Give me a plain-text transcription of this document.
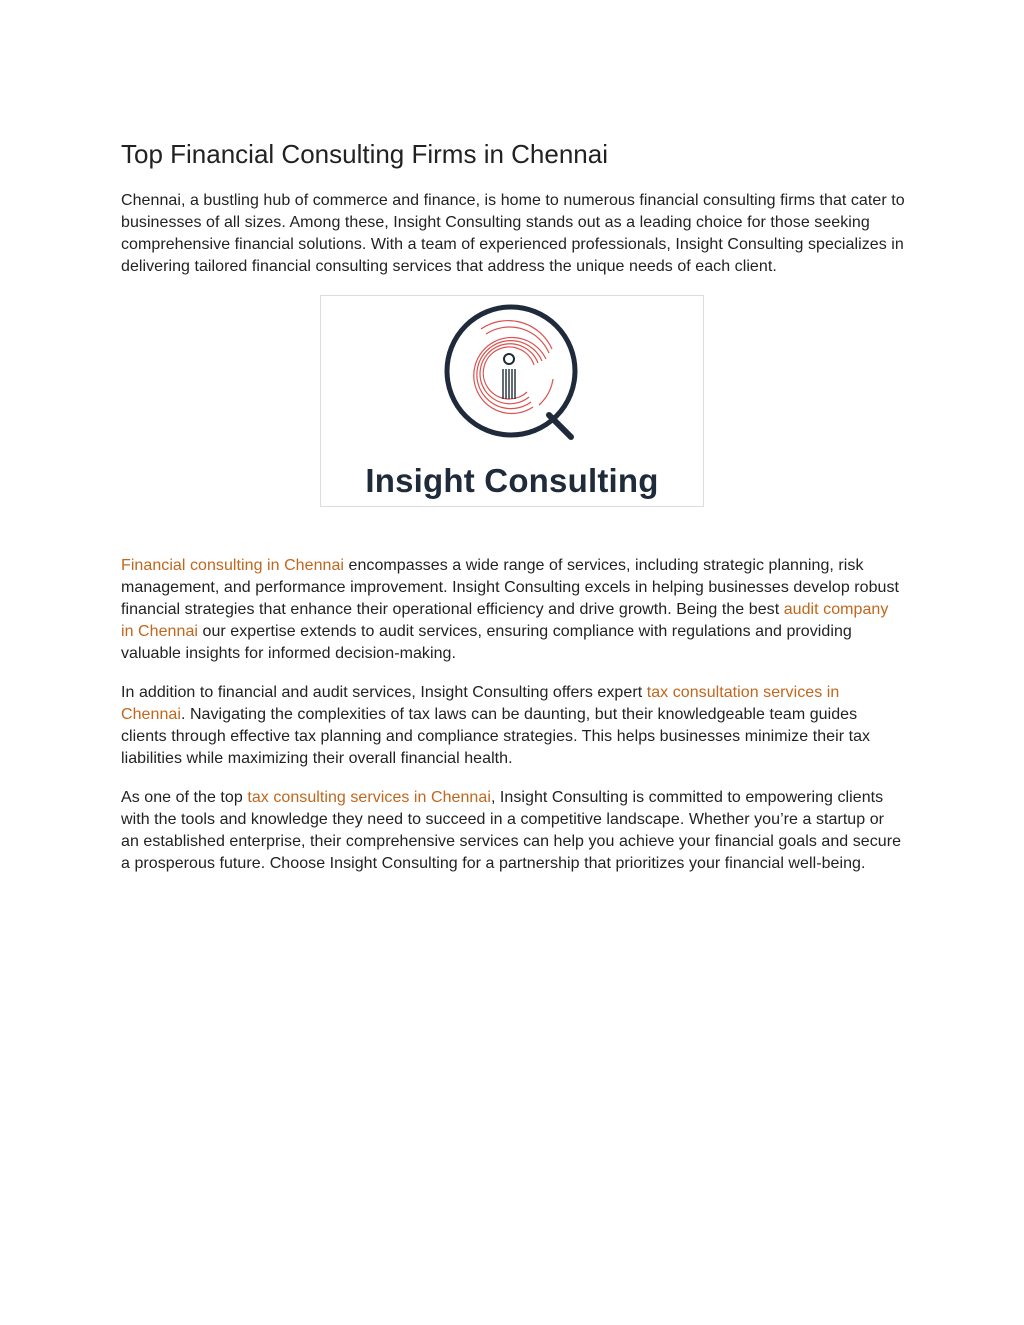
Top Financial Consulting Firms in Chennai

Chennai, a bustling hub of commerce and finance, is home to numerous financial consulting firms that cater to businesses of all sizes. Among these, Insight Consulting stands out as a leading choice for those seeking comprehensive financial solutions. With a team of experienced professionals, Insight Consulting specializes in delivering tailored financial consulting services that address the unique needs of each client.

Insight Consulting

Financial consulting in Chennai encompasses a wide range of services, including strategic planning, risk management, and performance improvement. Insight Consulting excels in helping businesses develop robust financial strategies that enhance their operational efficiency and drive growth. Being the best audit company in Chennai our expertise extends to audit services, ensuring compliance with regulations and providing valuable insights for informed decision-making.

In addition to financial and audit services, Insight Consulting offers expert tax consultation services in Chennai. Navigating the complexities of tax laws can be daunting, but their knowledgeable team guides clients through effective tax planning and compliance strategies. This helps businesses minimize their tax liabilities while maximizing their overall financial health.

As one of the top tax consulting services in Chennai, Insight Consulting is committed to empowering clients with the tools and knowledge they need to succeed in a competitive landscape. Whether you’re a startup or an established enterprise, their comprehensive services can help you achieve your financial goals and secure a prosperous future. Choose Insight Consulting for a partnership that prioritizes your financial well-being.
